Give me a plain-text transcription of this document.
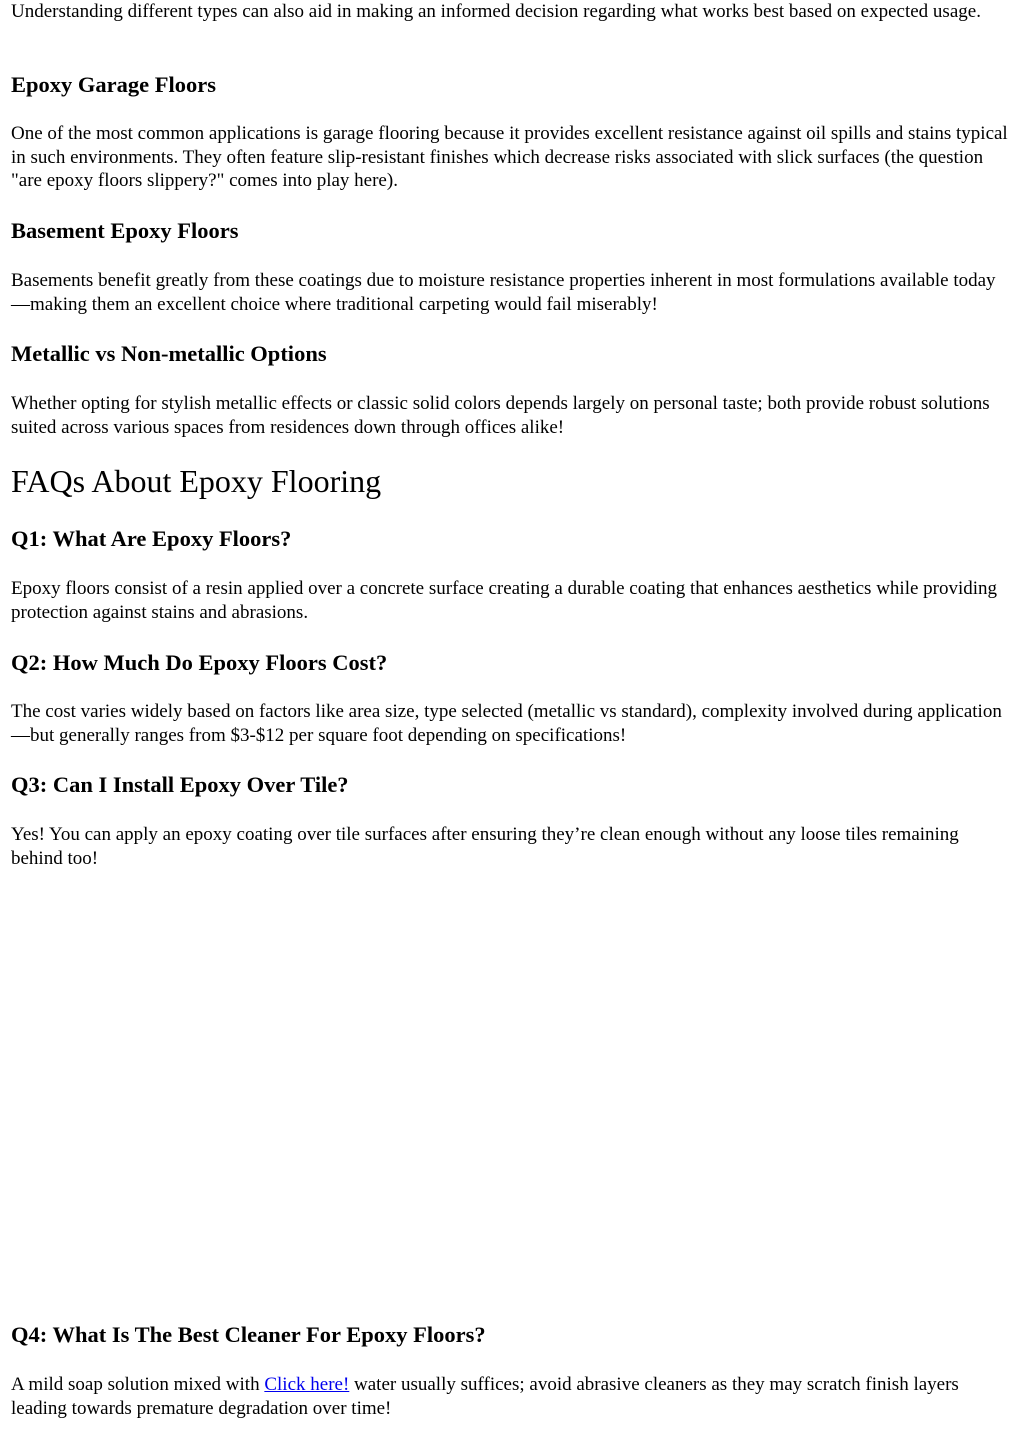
Understanding different types can also aid in making an informed decision regarding what works best based on expected usage.

Epoxy Garage Floors

One of the most common applications is garage flooring because it provides excellent resistance against oil spills and stains typical in such environments. They often feature slip-resistant finishes which decrease risks associated with slick surfaces (the question "are epoxy floors slippery?" comes into play here).

Basement Epoxy Floors

Basements benefit greatly from these coatings due to moisture resistance properties inherent in most formulations available today—making them an excellent choice where traditional carpeting would fail miserably!

Metallic vs Non-metallic Options

Whether opting for stylish metallic effects or classic solid colors depends largely on personal taste; both provide robust solutions suited across various spaces from residences down through offices alike!

FAQs About Epoxy Flooring
Q1: What Are Epoxy Floors?

Epoxy floors consist of a resin applied over a concrete surface creating a durable coating that enhances aesthetics while providing protection against stains and abrasions.

Q2: How Much Do Epoxy Floors Cost?

The cost varies widely based on factors like area size, type selected (metallic vs standard), complexity involved during application—but generally ranges from $3-$12 per square foot depending on specifications!

Q3: Can I Install Epoxy Over Tile?

Yes! You can apply an epoxy coating over tile surfaces after ensuring they’re clean enough without any loose tiles remaining behind too!

Q4: What Is The Best Cleaner For Epoxy Floors?

A mild soap solution mixed with Click here! water usually suffices; avoid abrasive cleaners as they may scratch finish layers leading towards premature degradation over time!
